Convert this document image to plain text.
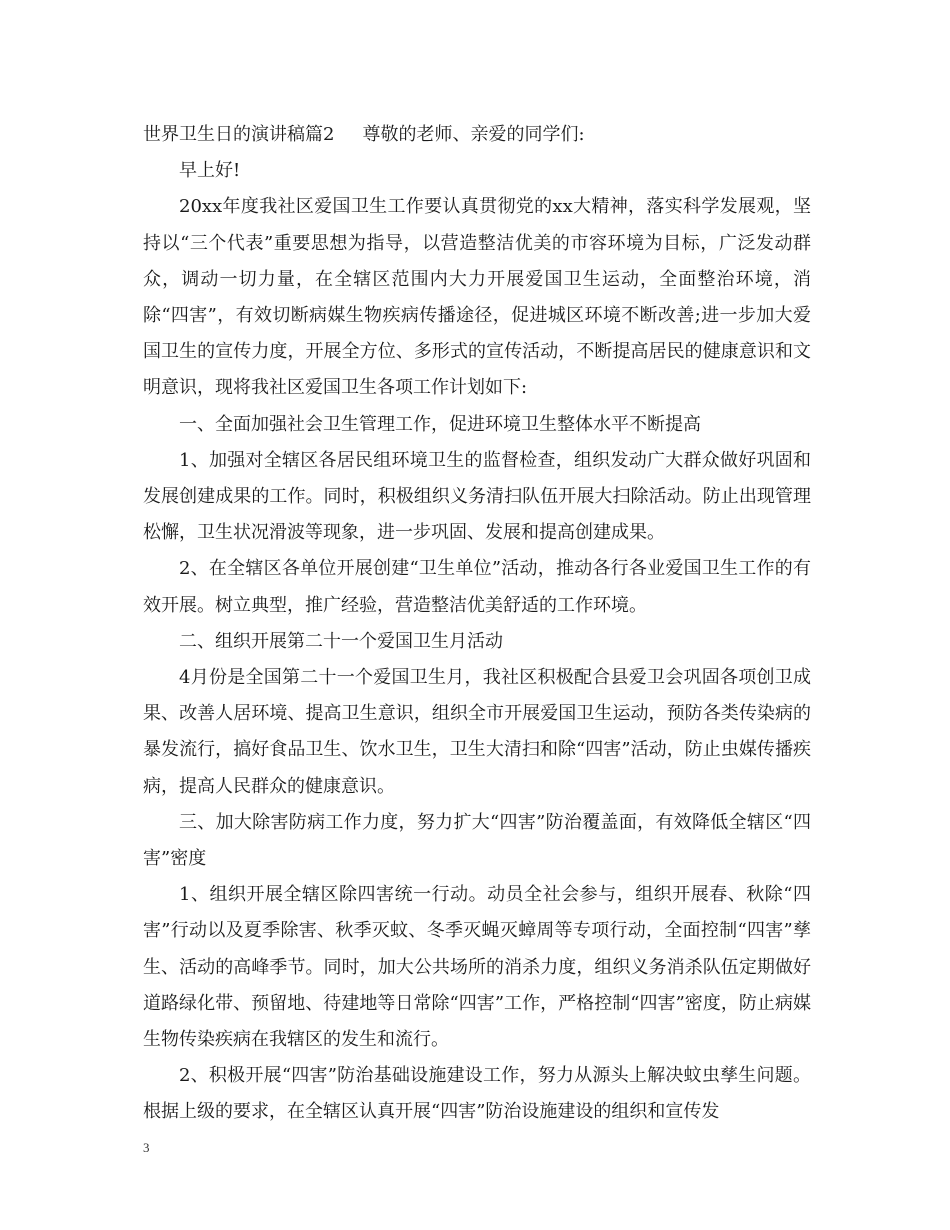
世界卫生日的演讲稿篇2 尊敬的老师、亲爱的同学们:

早上好!

20xx年度我社区爱国卫生工作要认真贯彻党的xx大精神，落实科学发展观，坚持以“三个代表”重要思想为指导，以营造整洁优美的市容环境为目标，广泛发动群众，调动一切力量，在全辖区范围内大力开展爱国卫生运动，全面整治环境，消除“四害”，有效切断病媒生物疾病传播途径，促进城区环境不断改善;进一步加大爱国卫生的宣传力度，开展全方位、多形式的宣传活动，不断提高居民的健康意识和文明意识，现将我社区爱国卫生各项工作计划如下:

一、全面加强社会卫生管理工作，促进环境卫生整体水平不断提高

1、加强对全辖区各居民组环境卫生的监督检查，组织发动广大群众做好巩固和发展创建成果的工作。同时，积极组织义务清扫队伍开展大扫除活动。防止出现管理松懈，卫生状况滑波等现象，进一步巩固、发展和提高创建成果。

2、在全辖区各单位开展创建“卫生单位”活动，推动各行各业爱国卫生工作的有效开展。树立典型，推广经验，营造整洁优美舒适的工作环境。

二、组织开展第二十一个爱国卫生月活动

4月份是全国第二十一个爱国卫生月，我社区积极配合县爱卫会巩固各项创卫成果、改善人居环境、提高卫生意识，组织全市开展爱国卫生运动，预防各类传染病的暴发流行，搞好食品卫生、饮水卫生，卫生大清扫和除“四害”活动，防止虫媒传播疾病，提高人民群众的健康意识。

三、加大除害防病工作力度，努力扩大“四害”防治覆盖面，有效降低全辖区“四害”密度

1、组织开展全辖区除四害统一行动。动员全社会参与，组织开展春、秋除“四害”行动以及夏季除害、秋季灭蚊、冬季灭蝇灭蟑周等专项行动，全面控制“四害”孳生、活动的高峰季节。同时，加大公共场所的消杀力度，组织义务消杀队伍定期做好道路绿化带、预留地、待建地等日常除“四害”工作，严格控制“四害”密度，防止病媒生物传染疾病在我辖区的发生和流行。

2、积极开展“四害”防治基础设施建设工作，努力从源头上解决蚊虫孳生问题。根据上级的要求，在全辖区认真开展“四害”防治设施建设的组织和宣传发

3
